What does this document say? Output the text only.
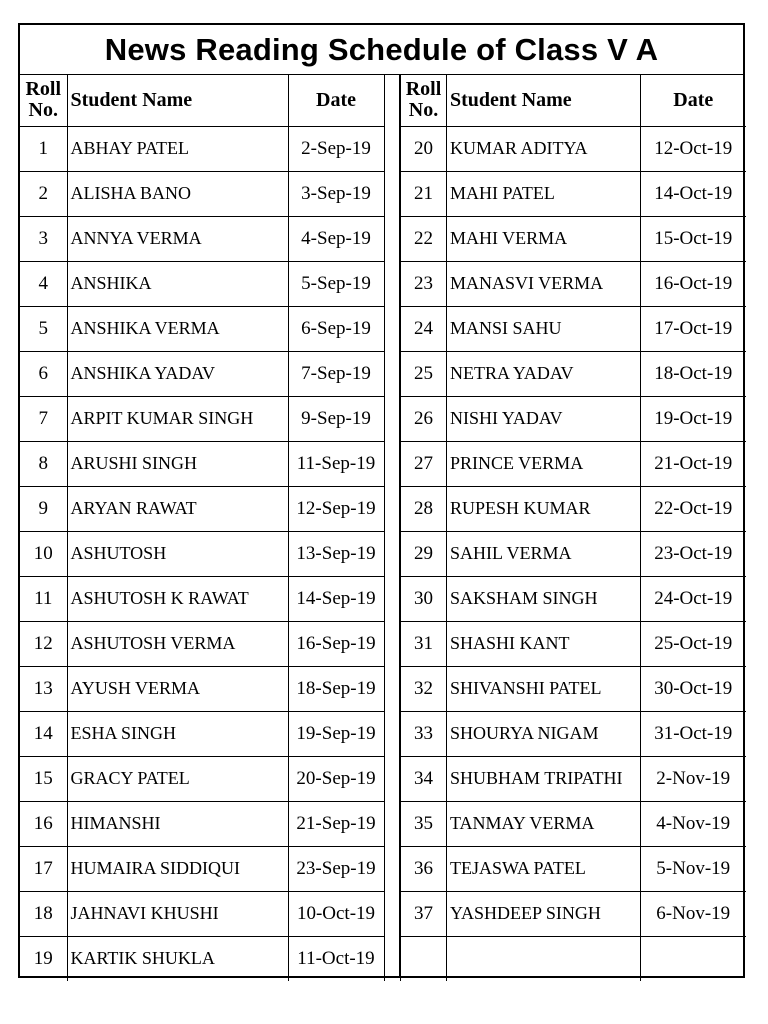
News Reading Schedule of Class V A
Roll
No.	Student Name	Date
1	ABHAY PATEL	2-Sep-19
2	ALISHA BANO	3-Sep-19
3	ANNYA VERMA	4-Sep-19
4	ANSHIKA	5-Sep-19
5	ANSHIKA VERMA	6-Sep-19
6	ANSHIKA YADAV	7-Sep-19
7	ARPIT KUMAR SINGH	9-Sep-19
8	ARUSHI SINGH	11-Sep-19
9	ARYAN RAWAT	12-Sep-19
10	ASHUTOSH	13-Sep-19
11	ASHUTOSH K RAWAT	14-Sep-19
12	ASHUTOSH VERMA	16-Sep-19
13	AYUSH VERMA	18-Sep-19
14	ESHA SINGH	19-Sep-19
15	GRACY PATEL	20-Sep-19
16	HIMANSHI	21-Sep-19
17	HUMAIRA SIDDIQUI	23-Sep-19
18	JAHNAVI KHUSHI	10-Oct-19
19	KARTIK SHUKLA	11-Oct-19
Roll
No.	Student Name	Date
20	KUMAR ADITYA	12-Oct-19
21	MAHI PATEL	14-Oct-19
22	MAHI VERMA	15-Oct-19
23	MANASVI VERMA	16-Oct-19
24	MANSI SAHU	17-Oct-19
25	NETRA YADAV	18-Oct-19
26	NISHI YADAV	19-Oct-19
27	PRINCE VERMA	21-Oct-19
28	RUPESH KUMAR	22-Oct-19
29	SAHIL VERMA	23-Oct-19
30	SAKSHAM SINGH	24-Oct-19
31	SHASHI KANT	25-Oct-19
32	SHIVANSHI PATEL	30-Oct-19
33	SHOURYA NIGAM	31-Oct-19
34	SHUBHAM TRIPATHI	2-Nov-19
35	TANMAY VERMA	4-Nov-19
36	TEJASWA PATEL	5-Nov-19
37	YASHDEEP SINGH	6-Nov-19
